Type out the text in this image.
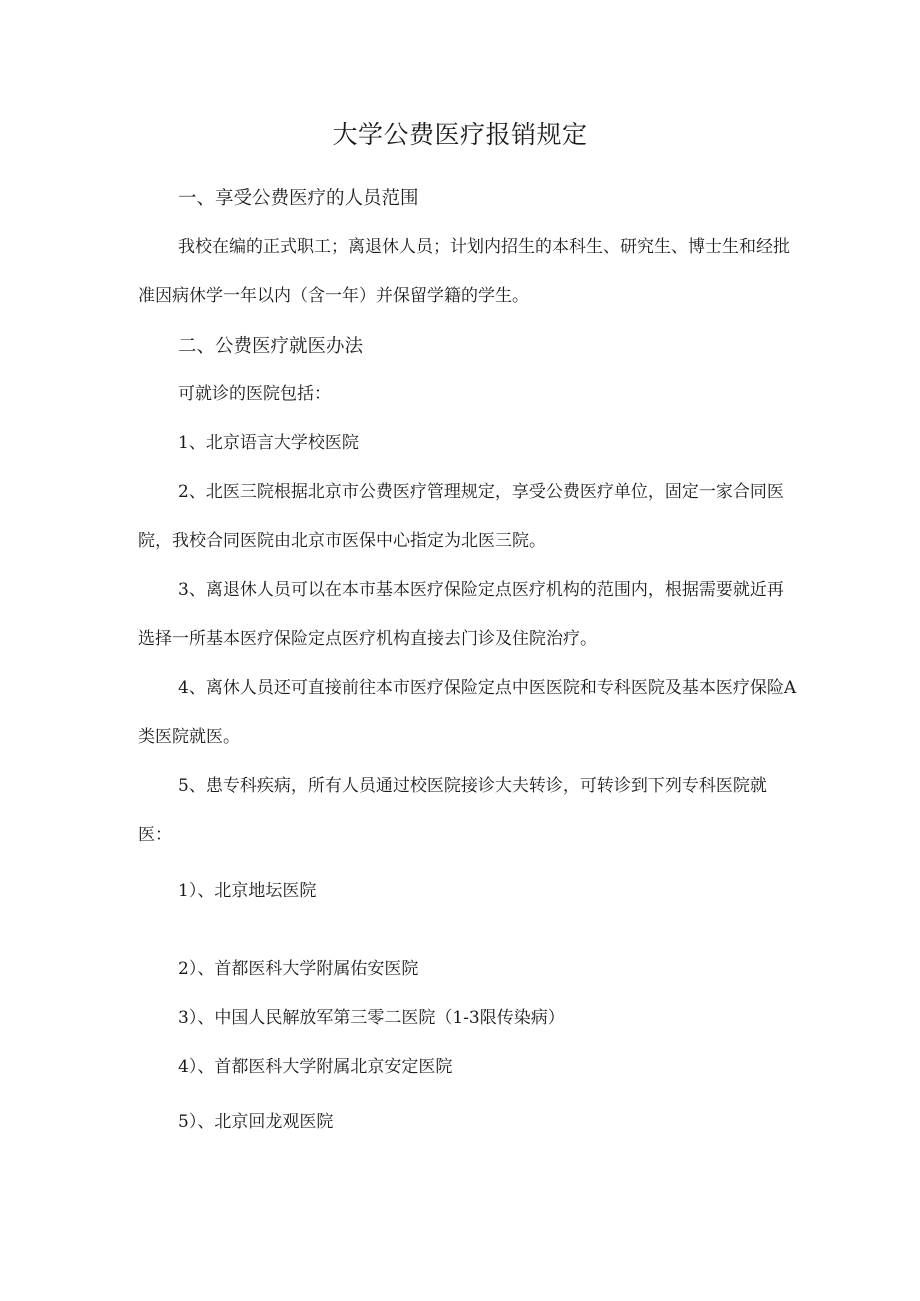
大学公费医疗报销规定
一、享受公费医疗的人员范围

我校在编的正式职工；离退休人员；计划内招生的本科生、研究生、博士生和经批准因病休学一年以内（含一年）并保留学籍的学生。

二、公费医疗就医办法

可就诊的医院包括：

1、北京语言大学校医院

2、北医三院根据北京市公费医疗管理规定，享受公费医疗单位，固定一家合同医院，我校合同医院由北京市医保中心指定为北医三院。

3、离退休人员可以在本市基本医疗保险定点医疗机构的范围内，根据需要就近再选择一所基本医疗保险定点医疗机构直接去门诊及住院治疗。

4、离休人员还可直接前往本市医疗保险定点中医医院和专科医院及基本医疗保险A类医院就医。

5、患专科疾病，所有人员通过校医院接诊大夫转诊，可转诊到下列专科医院就医：

1）、北京地坛医院

2）、首都医科大学附属佑安医院

3）、中国人民解放军第三零二医院（1-3限传染病）

4）、首都医科大学附属北京安定医院

5）、北京回龙观医院
